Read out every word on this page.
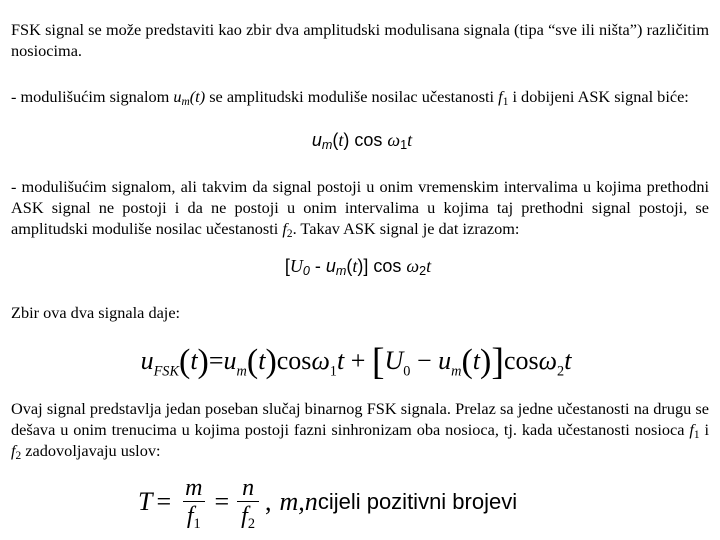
FSK signal se može predstaviti kao zbir dva amplitudski modulisana signala (tipa “sve ili ništa”) različitim nosiocima.

- modulišućim signalom $u_m(t)$ se amplitudski moduliše nosilac učestanosti $f_1$ i dobijeni ASK signal biće:

$u_m(t)$ $\cos \omega_1t$

- modulišućim signalom, ali takvim da signal postoji u onim vremenskim intervalima u kojima prethodni ASK signal ne postoji i da ne postoji u onim intervalima u kojima taj prethodni signal postoji, se amplitudski moduliše nosilac učestanosti $f_2$. Takav ASK signal je dat izrazom:

$[U_0 - u_m(t)]$ $\cos \omega_2t$

Zbir ova dva signala daje:

$u_{FSK}(t)=u_m(t)\cos\omega_1t + [U_0 - u_m(t)]\cos\omega_2t$

Ovaj signal predstavlja jedan poseban slučaj binarnog FSK signala. Prelaz sa jedne učestanosti na drugu se dešava u onim trenucima u kojima postoji fazni sinhronizam oba nosioca, tj. kada učestanosti nosioca $f_1$ i $f_2$ zadovoljavaju uslov:

$T = \frac{m}{f_1} = \frac{n}{f_2}$ , m,n cijeli pozitivni brojevi
